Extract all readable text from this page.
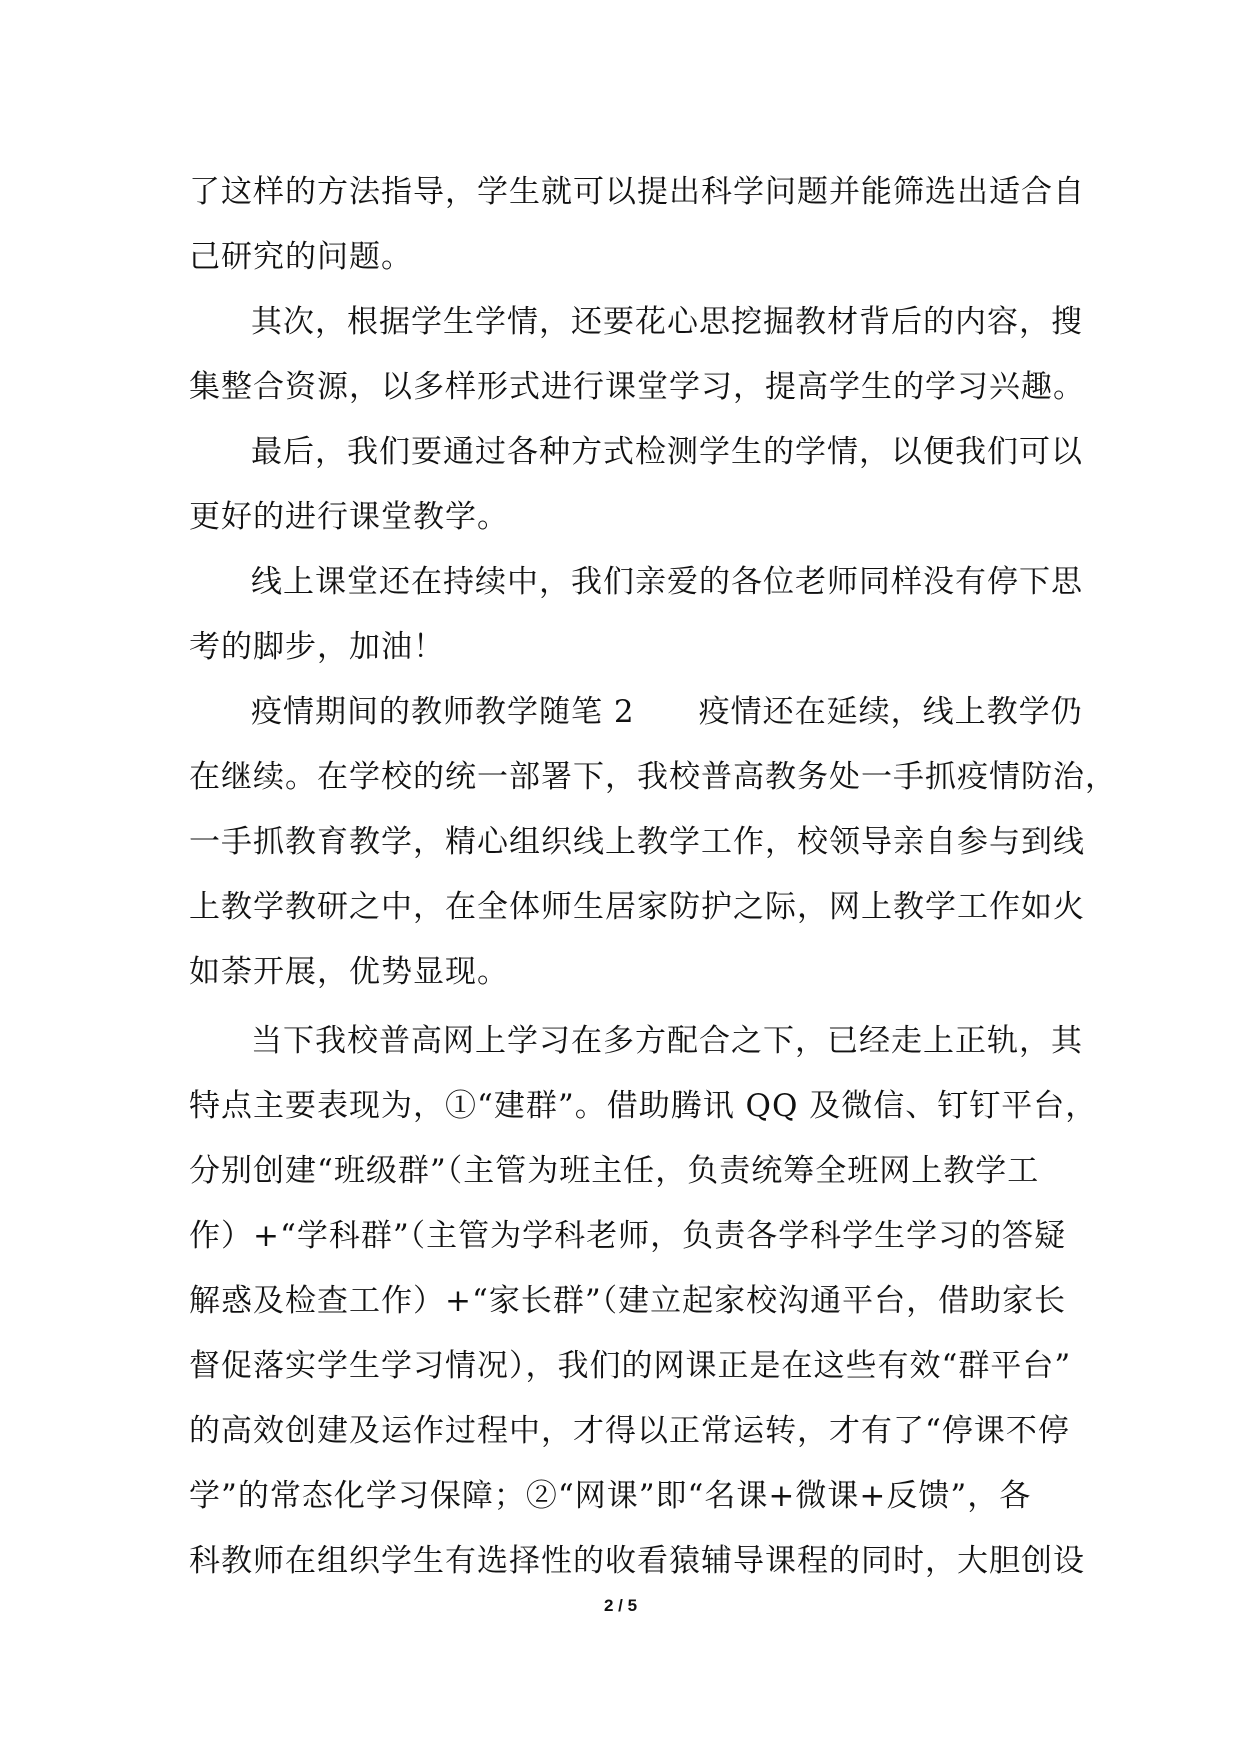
了这样的方法指导，学生就可以提出科学问题并能筛选出适合自
己研究的问题。
其次，根据学生学情，还要花心思挖掘教材背后的内容，搜
集整合资源，以多样形式进行课堂学习，提高学生的学习兴趣。
最后，我们要通过各种方式检测学生的学情，以便我们可以
更好的进行课堂教学。
线上课堂还在持续中，我们亲爱的各位老师同样没有停下思
考的脚步，加油！
疫情期间的教师教学随笔 2　　疫情还在延续，线上教学仍
在继续。在学校的统一部署下，我校普高教务处一手抓疫情防治，
一手抓教育教学，精心组织线上教学工作，校领导亲自参与到线
上教学教研之中，在全体师生居家防护之际，网上教学工作如火
如荼开展，优势显现。
当下我校普高网上学习在多方配合之下，已经走上正轨，其
特点主要表现为，①“建群”。借助腾讯 QQ 及微信、钉钉平台，
分别创建“班级群”（主管为班主任，负责统筹全班网上教学工
作）+“学科群”（主管为学科老师，负责各学科学生学习的答疑
解惑及检查工作）+“家长群”（建立起家校沟通平台，借助家长
督促落实学生学习情况），我们的网课正是在这些有效“群平台”
的高效创建及运作过程中，才得以正常运转，才有了“停课不停
学”的常态化学习保障；②“网课”即“名课+微课+反馈”，各
科教师在组织学生有选择性的收看猿辅导课程的同时，大胆创设
2 / 5
